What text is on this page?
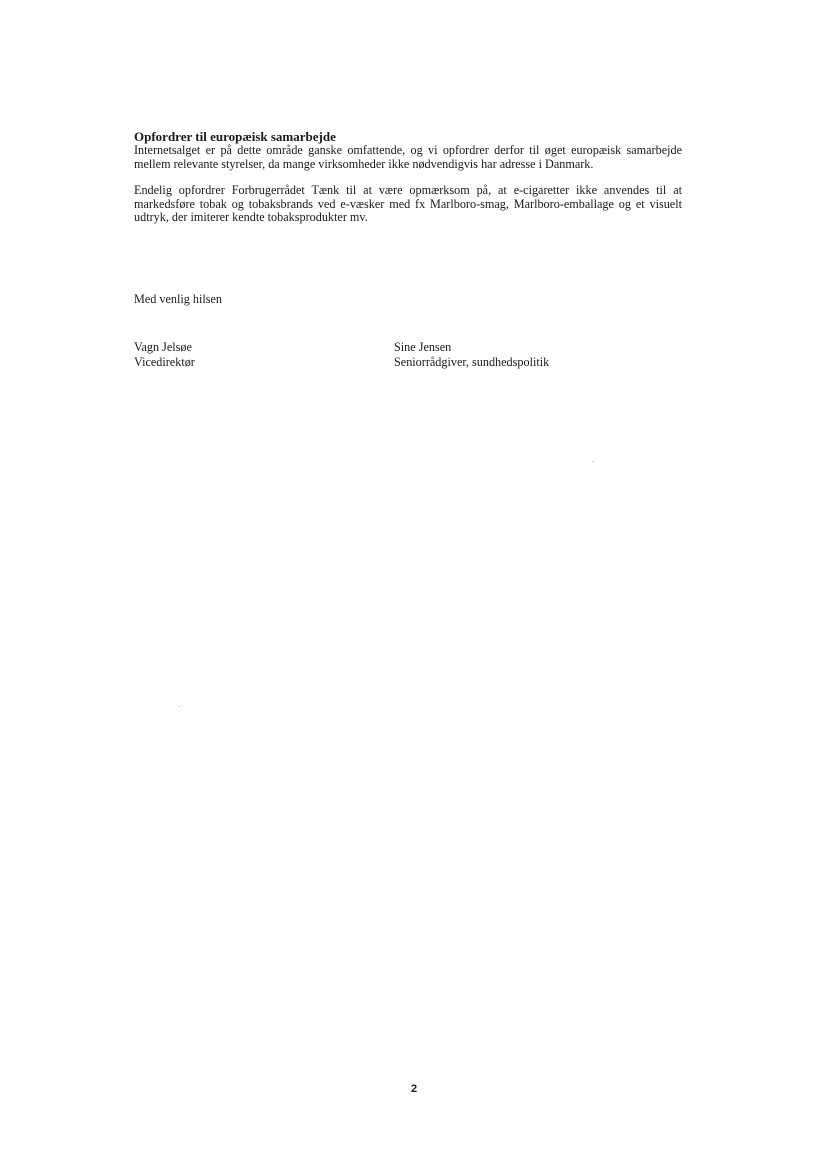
Opfordrer til europæisk samarbejde

Internetsalget er på dette område ganske omfattende, og vi opfordrer derfor til øget europæisk samarbejde mellem relevante styrelser, da mange virksomheder ikke nødvendigvis har adresse i Danmark.

Endelig opfordrer Forbrugerrådet Tænk til at være opmærksom på, at e-cigaretter ikke anvendes til at markedsføre tobak og tobaksbrands ved e-væsker med fx Marlboro-smag, Marlboro-emballage og et visuelt udtryk, der imiterer kendte tobaksprodukter mv.

Med venlig hilsen
Vagn Jelsøe
Vicedirektør
Sine Jensen
Seniorrådgiver, sundhedspolitik
2
